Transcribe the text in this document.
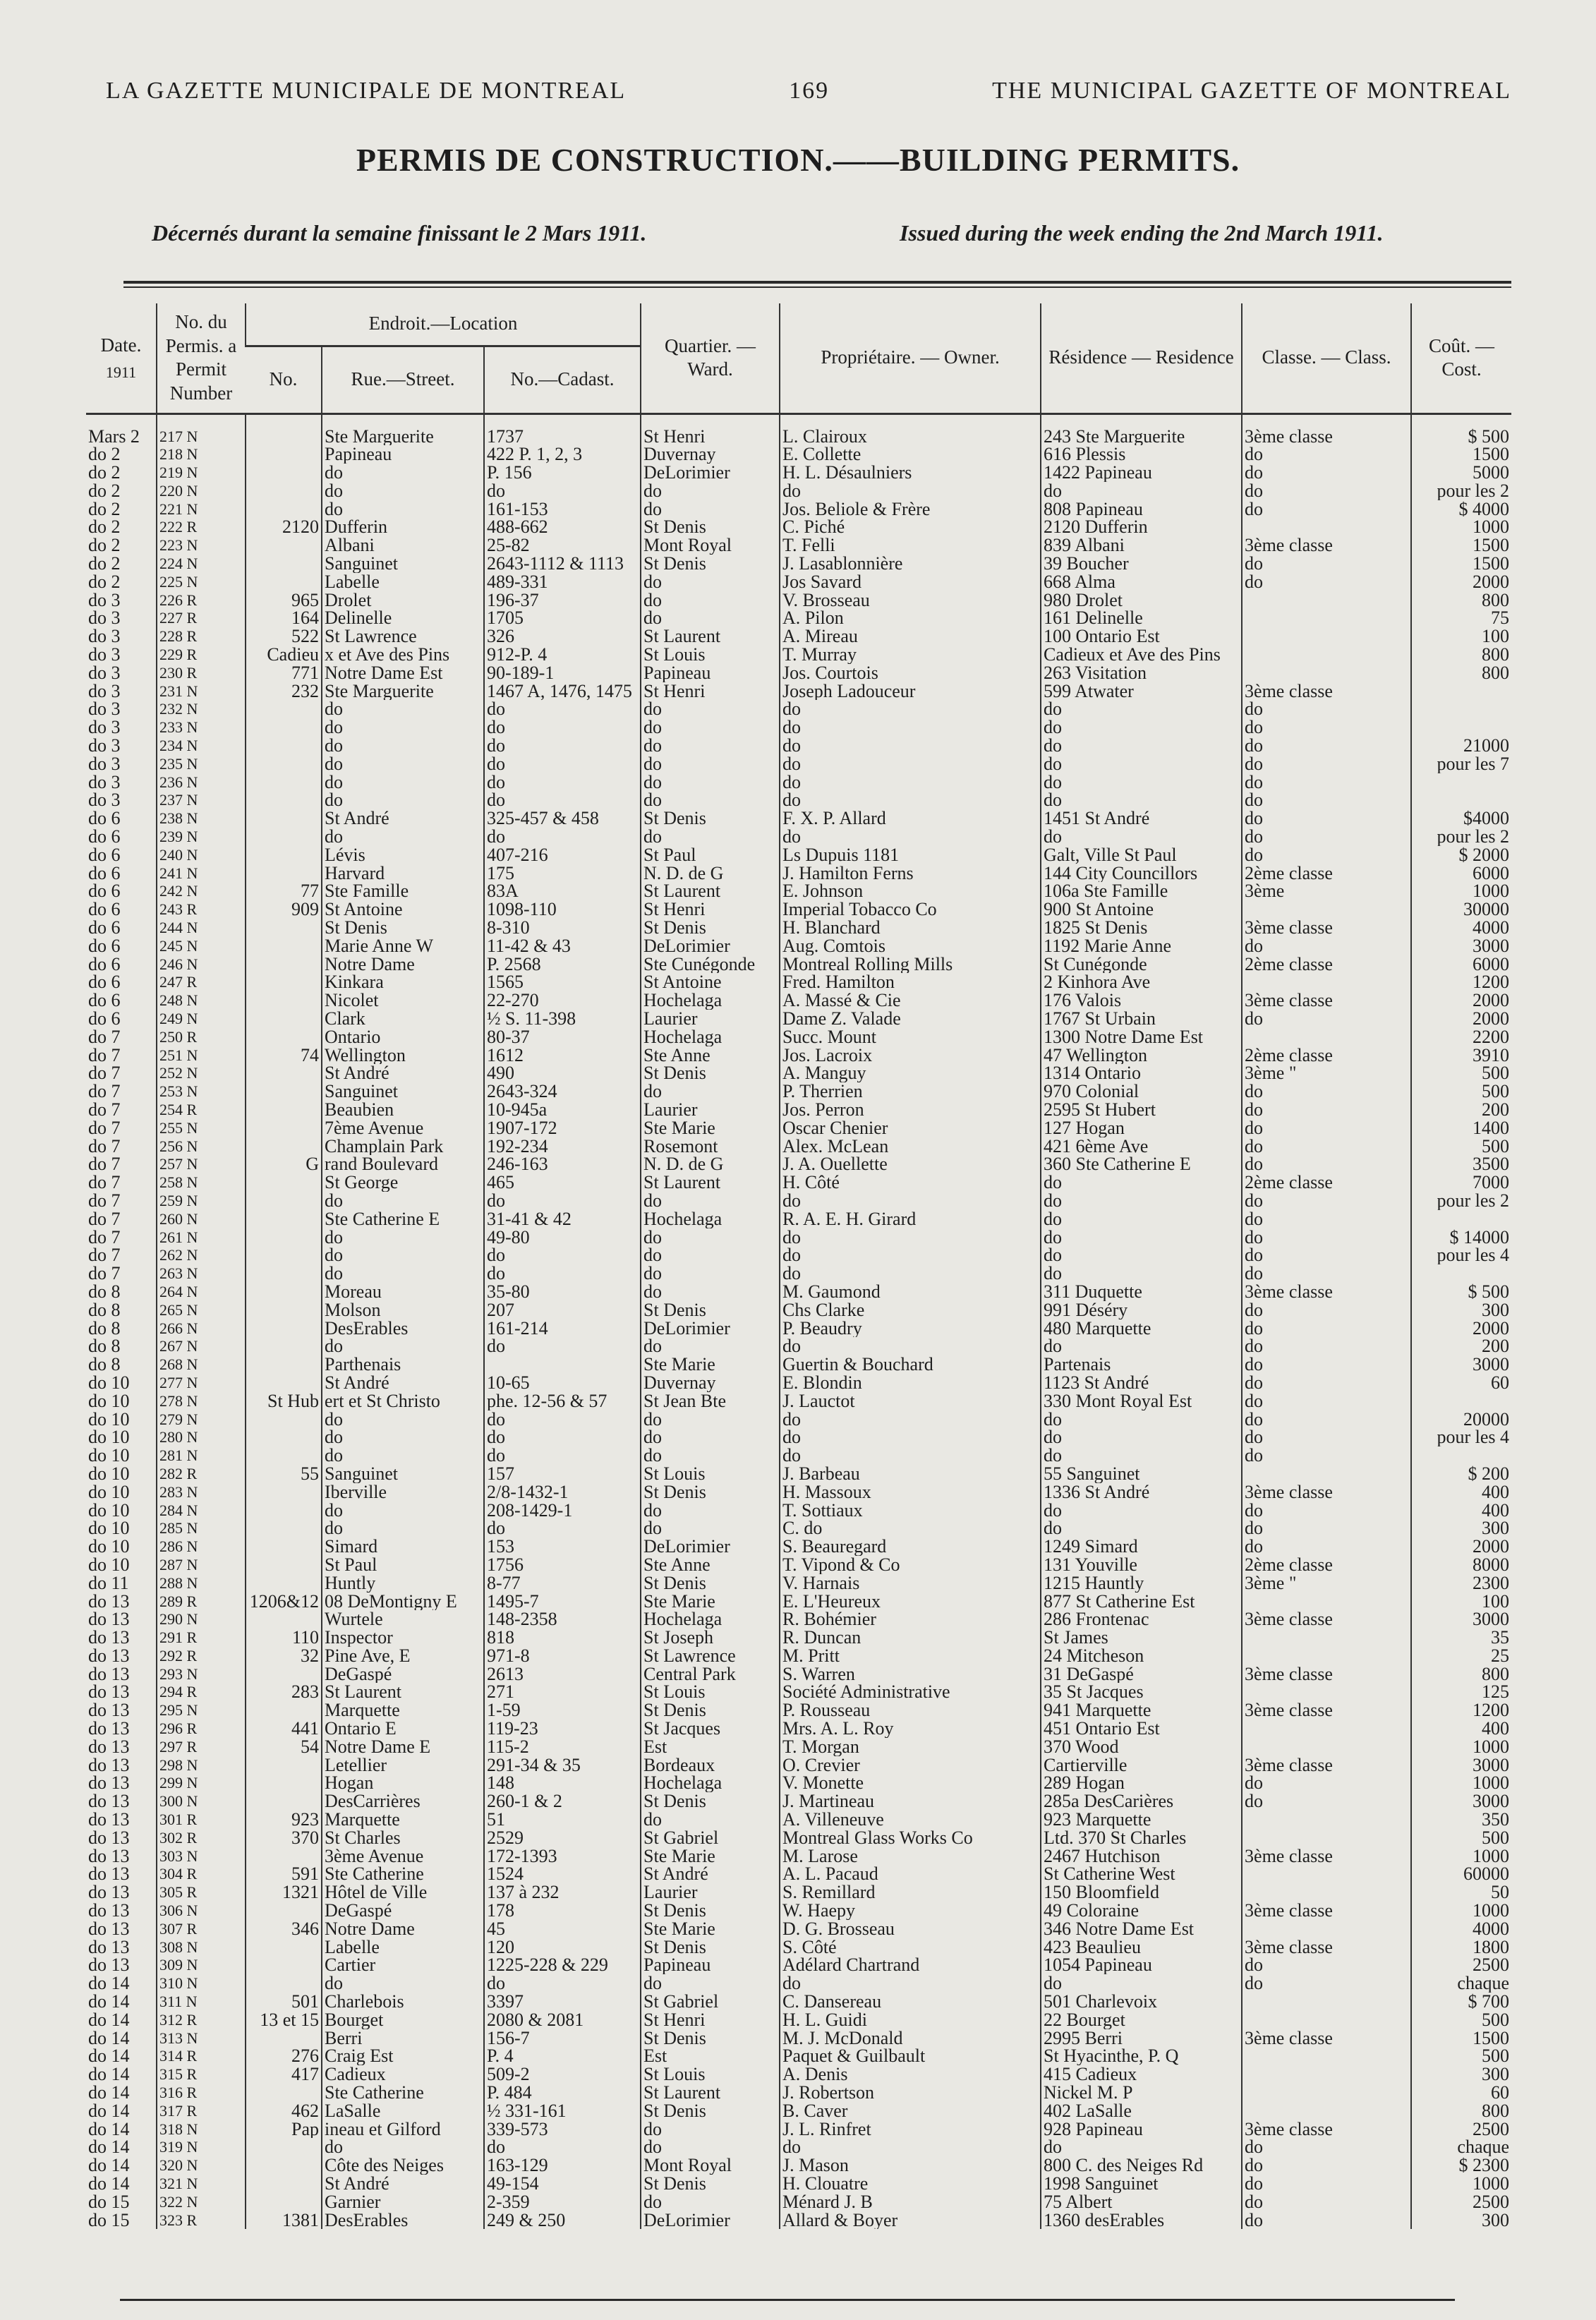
LA GAZETTE MUNICIPALE DE MONTREAL	169	THE MUNICIPAL GAZETTE OF MONTREAL
PERMIS DE CONSTRUCTION.——BUILDING PERMITS.
Décernés durant la semaine finissant le 2 Mars 1911.	Issued during the week ending the 2nd March 1911.
Date.
1911	No. du Permis. a Permit Number	Endroit.—Location			Quartier. — Ward.	Propriétaire. — Owner.	Résidence — Residence	Classe. — Class.	Coût. — Cost.
		No.	Rue.—Street.	No.—Cadast.					
Mars 2	217 N		Ste Marguerite	1737	St Henri	L. Clairoux	243 Ste Marguerite	3ème classe	$ 500
do 2	218 N		Papineau	422 P. 1, 2, 3	Duvernay	E. Collette	616 Plessis	do	1500
do 2	219 N		do	P. 156	DeLorimier	H. L. Désaulniers	1422 Papineau	do	5000
do 2	220 N		do	do	do	do	do	do	pour les 2
do 2	221 N		do	161-153	do	Jos. Beliole & Frère	808 Papineau	do	$ 4000
do 2	222 R	2120	Dufferin	488-662	St Denis	C. Piché	2120 Dufferin		1000
do 2	223 N		Albani	25-82	Mont Royal	T. Felli	839 Albani	3ème classe	1500
do 2	224 N		Sanguinet	2643-1112 & 1113	St Denis	J. Lasablonnière	39 Boucher	do	1500
do 2	225 N		Labelle	489-331	do	Jos Savard	668 Alma	do	2000
do 3	226 R	965	Drolet	196-37	do	V. Brosseau	980 Drolet		800
do 3	227 R	164	Delinelle	1705	do	A. Pilon	161 Delinelle		75
do 3	228 R	522	St Lawrence	326	St Laurent	A. Mireau	100 Ontario Est		100
do 3	229 R	Cadieu	x et Ave des Pins	912-P. 4	St Louis	T. Murray	Cadieux et Ave des Pins		800
do 3	230 R	771	Notre Dame Est	90-189-1	Papineau	Jos. Courtois	263 Visitation		800
do 3	231 N	232	Ste Marguerite	1467 A, 1476, 1475	St Henri	Joseph Ladouceur	599 Atwater	3ème classe	
do 3	232 N		do	do	do	do	do	do	
do 3	233 N		do	do	do	do	do	do	
do 3	234 N		do	do	do	do	do	do	21000
do 3	235 N		do	do	do	do	do	do	pour les 7
do 3	236 N		do	do	do	do	do	do	
do 3	237 N		do	do	do	do	do	do	
do 6	238 N		St André	325-457 & 458	St Denis	F. X. P. Allard	1451 St André	do	$4000
do 6	239 N		do	do	do	do	do	do	pour les 2
do 6	240 N		Lévis	407-216	St Paul	Ls Dupuis 1181	Galt, Ville St Paul	do	$ 2000
do 6	241 N		Harvard	175	N. D. de G	J. Hamilton Ferns	144 City Councillors	2ème classe	6000
do 6	242 N	77	Ste Famille	83A	St Laurent	E. Johnson	106a Ste Famille	3ème	1000
do 6	243 R	909	St Antoine	1098-110	St Henri	Imperial Tobacco Co	900 St Antoine		30000
do 6	244 N		St Denis	8-310	St Denis	H. Blanchard	1825 St Denis	3ème classe	4000
do 6	245 N		Marie Anne W	11-42 & 43	DeLorimier	Aug. Comtois	1192 Marie Anne	do	3000
do 6	246 N		Notre Dame	P. 2568	Ste Cunégonde	Montreal Rolling Mills	St Cunégonde	2ème classe	6000
do 6	247 R		Kinkara	1565	St Antoine	Fred. Hamilton	2 Kinhora Ave		1200
do 6	248 N		Nicolet	22-270	Hochelaga	A. Massé & Cie	176 Valois	3ème classe	2000
do 6	249 N		Clark	½ S. 11-398	Laurier	Dame Z. Valade	1767 St Urbain	do	2000
do 7	250 R		Ontario	80-37	Hochelaga	Succ. Mount	1300 Notre Dame Est		2200
do 7	251 N	74	Wellington	1612	Ste Anne	Jos. Lacroix	47 Wellington	2ème classe	3910
do 7	252 N		St André	490	St Denis	A. Manguy	1314 Ontario	3ème "	500
do 7	253 N		Sanguinet	2643-324	do	P. Therrien	970 Colonial	do	500
do 7	254 R		Beaubien	10-945a	Laurier	Jos. Perron	2595 St Hubert	do	200
do 7	255 N		7ème Avenue	1907-172	Ste Marie	Oscar Chenier	127 Hogan	do	1400
do 7	256 N		Champlain Park	192-234	Rosemont	Alex. McLean	421 6ème Ave	do	500
do 7	257 N	G	rand Boulevard	246-163	N. D. de G	J. A. Ouellette	360 Ste Catherine E	do	3500
do 7	258 N		St George	465	St Laurent	H. Côté	do	2ème classe	7000
do 7	259 N		do	do	do	do	do	do	pour les 2
do 7	260 N		Ste Catherine E	31-41 & 42	Hochelaga	R. A. E. H. Girard	do	do	
do 7	261 N		do	49-80	do	do	do	do	$ 14000
do 7	262 N		do	do	do	do	do	do	pour les 4
do 7	263 N		do	do	do	do	do	do	
do 8	264 N		Moreau	35-80	do	M. Gaumond	311 Duquette	3ème classe	$ 500
do 8	265 N		Molson	207	St Denis	Chs Clarke	991 Déséry	do	300
do 8	266 N		DesErables	161-214	DeLorimier	P. Beaudry	480 Marquette	do	2000
do 8	267 N		do	do	do	do	do	do	200
do 8	268 N		Parthenais		Ste Marie	Guertin & Bouchard	Partenais	do	3000
do 10	277 N		St André	10-65	Duvernay	E. Blondin	1123 St André	do	60
do 10	278 N	St Hub	ert et St Christo	phe. 12-56 & 57	St Jean Bte	J. Lauctot	330 Mont Royal Est	do	
do 10	279 N		do	do	do	do	do	do	20000
do 10	280 N		do	do	do	do	do	do	pour les 4
do 10	281 N		do	do	do	do	do	do	
do 10	282 R	55	Sanguinet	157	St Louis	J. Barbeau	55 Sanguinet		$ 200
do 10	283 N		Iberville	2/8-1432-1	St Denis	H. Massoux	1336 St André	3ème classe	400
do 10	284 N		do	208-1429-1	do	T. Sottiaux	do	do	400
do 10	285 N		do	do	do	C. do	do	do	300
do 10	286 N		Simard	153	DeLorimier	S. Beauregard	1249 Simard	do	2000
do 10	287 N		St Paul	1756	Ste Anne	T. Vipond & Co	131 Youville	2ème classe	8000
do 11	288 N		Huntly	8-77	St Denis	V. Harnais	1215 Hauntly	3ème "	2300
do 13	289 R	1206&12	08 DeMontigny E	1495-7	Ste Marie	E. L'Heureux	877 St Catherine Est		100
do 13	290 N		Wurtele	148-2358	Hochelaga	R. Bohémier	286 Frontenac	3ème classe	3000
do 13	291 R	110	Inspector	818	St Joseph	R. Duncan	St James		35
do 13	292 R	32	Pine Ave, E	971-8	St Lawrence	M. Pritt	24 Mitcheson		25
do 13	293 N		DeGaspé	2613	Central Park	S. Warren	31 DeGaspé	3ème classe	800
do 13	294 R	283	St Laurent	271	St Louis	Société Administrative	35 St Jacques		125
do 13	295 N		Marquette	1-59	St Denis	P. Rousseau	941 Marquette	3ème classe	1200
do 13	296 R	441	Ontario E	119-23	St Jacques	Mrs. A. L. Roy	451 Ontario Est		400
do 13	297 R	54	Notre Dame E	115-2	Est	T. Morgan	370 Wood		1000
do 13	298 N		Letellier	291-34 & 35	Bordeaux	O. Crevier	Cartierville	3ème classe	3000
do 13	299 N		Hogan	148	Hochelaga	V. Monette	289 Hogan	do	1000
do 13	300 N		DesCarrières	260-1 & 2	St Denis	J. Martineau	285a DesCarières	do	3000
do 13	301 R	923	Marquette	51	do	A. Villeneuve	923 Marquette		350
do 13	302 R	370	St Charles	2529	St Gabriel	Montreal Glass Works Co	Ltd. 370 St Charles		500
do 13	303 N		3ème Avenue	172-1393	Ste Marie	M. Larose	2467 Hutchison	3ème classe	1000
do 13	304 R	591	Ste Catherine	1524	St André	A. L. Pacaud	St Catherine West		60000
do 13	305 R	1321	Hôtel de Ville	137 à 232	Laurier	S. Remillard	150 Bloomfield		50
do 13	306 N		DeGaspé	178	St Denis	W. Haepy	49 Coloraine	3ème classe	1000
do 13	307 R	346	Notre Dame	45	Ste Marie	D. G. Brosseau	346 Notre Dame Est		4000
do 13	308 N		Labelle	120	St Denis	S. Côté	423 Beaulieu	3ème classe	1800
do 13	309 N		Cartier	1225-228 & 229	Papineau	Adélard Chartrand	1054 Papineau	do	2500
do 14	310 N		do	do	do	do	do	do	chaque
do 14	311 N	501	Charlebois	3397	St Gabriel	C. Dansereau	501 Charlevoix		$ 700
do 14	312 R	13 et 15	Bourget	2080 & 2081	St Henri	H. L. Guidi	22 Bourget		500
do 14	313 N		Berri	156-7	St Denis	M. J. McDonald	2995 Berri	3ème classe	1500
do 14	314 R	276	Craig Est	P. 4	Est	Paquet & Guilbault	St Hyacinthe, P. Q		500
do 14	315 R	417	Cadieux	509-2	St Louis	A. Denis	415 Cadieux		300
do 14	316 R		Ste Catherine	P. 484	St Laurent	J. Robertson	Nickel M. P		60
do 14	317 R	462	LaSalle	½ 331-161	St Denis	B. Caver	402 LaSalle		800
do 14	318 N	Pap	ineau et Gilford	339-573	do	J. L. Rinfret	928 Papineau	3ème classe	2500
do 14	319 N		do	do	do	do	do	do	chaque
do 14	320 N		Côte des Neiges	163-129	Mont Royal	J. Mason	800 C. des Neiges Rd	do	$ 2300
do 14	321 N		St André	49-154	St Denis	H. Clouatre	1998 Sanguinet	do	1000
do 15	322 N		Garnier	2-359	do	Ménard J. B	75 Albert	do	2500
do 15	323 R	1381	DesErables	249 & 250	DeLorimier	Allard & Boyer	1360 desErables	do	300
